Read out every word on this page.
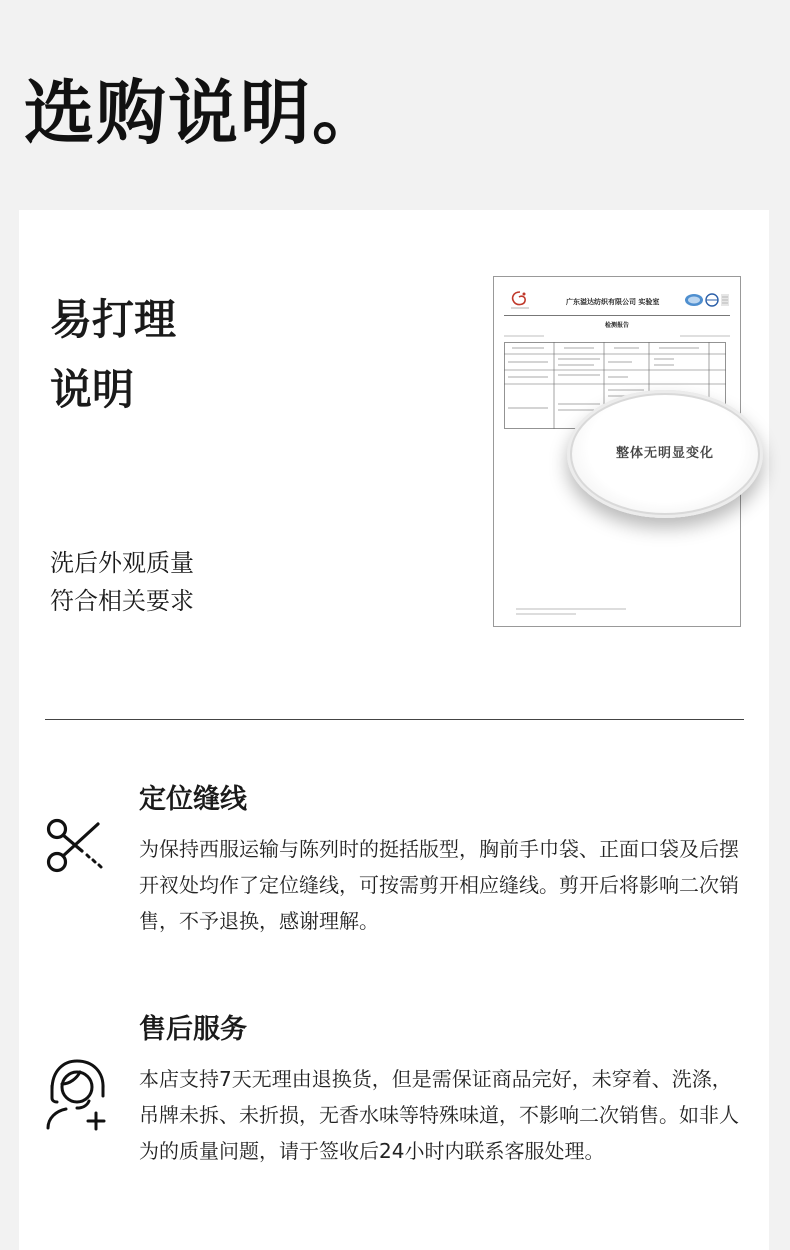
选购说明。
易打理
说明
洗后外观质量
符合相关要求
广东溢达纺织有限公司 实验室
检测报告
整体无明显变化
定位缝线
为保持西服运输与陈列时的挺括版型，胸前手巾袋、正面口袋及后摆开衩处均作了定位缝线，可按需剪开相应缝线。剪开后将影响二次销售，不予退换，感谢理解。
售后服务
本店支持7天无理由退换货，但是需保证商品完好，未穿着、洗涤，吊牌未拆、未折损，无香水味等特殊味道，不影响二次销售。如非人为的质量问题，请于签收后24小时内联系客服处理。
